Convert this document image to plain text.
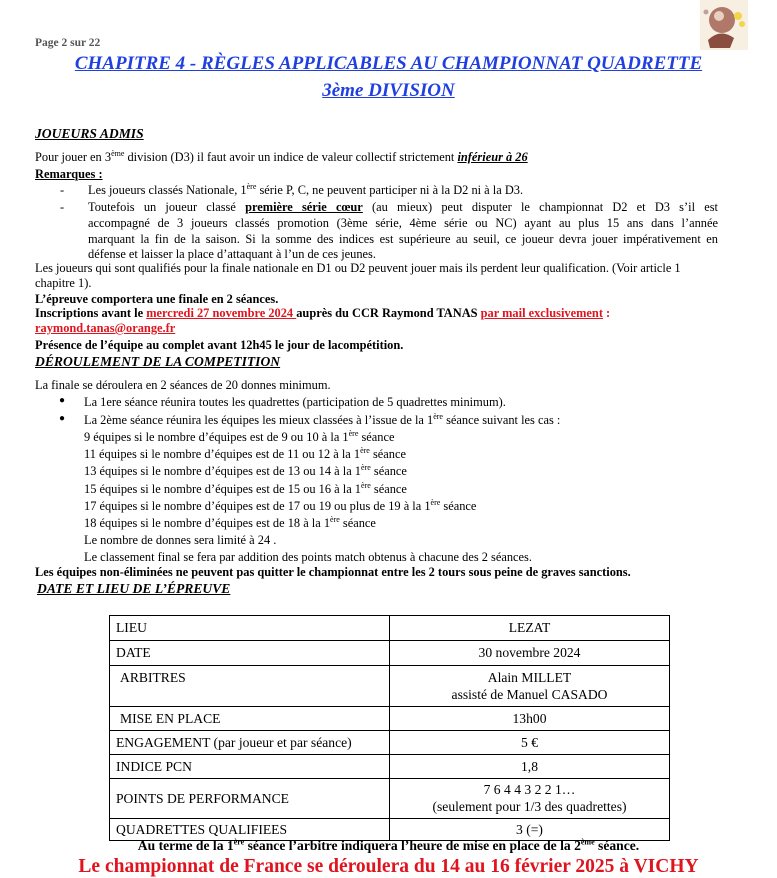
Page 2 sur 22
CHAPITRE 4 - RÈGLES APPLICABLES AU CHAMPIONNAT QUADRETTE
3ème DIVISION
JOUEURS ADMIS
Pour jouer en 3ème division (D3) il faut avoir un indice de valeur collectif strictement inférieur à 26
Remarques :
- Les joueurs classés Nationale, 1ère série P, C, ne peuvent participer ni à la D2 ni à la D3.
- Toutefois un joueur classé première série cœur (au mieux) peut disputer le championnat D2 et D3 s’il est
accompagné de 3 joueurs classés promotion (3ème série, 4ème série ou NC) ayant au plus 15 ans dans l’année
marquant la fin de la saison. Si la somme des indices est supérieure au seuil, ce joueur devra jouer impérativement en
défense et laisser la place d’attaquant à l’un de ces jeunes.
Les joueurs qui sont qualifiés pour la finale nationale en D1 ou D2 peuvent jouer mais ils perdent leur qualification. (Voir article 1
chapitre 1).
L’épreuve comportera une finale en 2 séances.
Inscriptions avant le mercredi 27 novembre 2024 auprès du CCR Raymond TANAS par mail exclusivement :
raymond.tanas@orange.fr
Présence de l’équipe au complet avant 12h45 le jour de lacompétition.
DÉROULEMENT DE LA COMPETITION
La finale se déroulera en 2 séances de 20 donnes minimum.
● La 1ere séance réunira toutes les quadrettes (participation de 5 quadrettes minimum).
● La 2ème séance réunira les équipes les mieux classées à l’issue de la 1ère séance suivant les cas :
9 équipes si le nombre d’équipes est de 9 ou 10 à la 1ère séance
11 équipes si le nombre d’équipes est de 11 ou 12 à la 1ère séance
13 équipes si le nombre d’équipes est de 13 ou 14 à la 1ère séance
15 équipes si le nombre d’équipes est de 15 ou 16 à la 1ère séance
17 équipes si le nombre d’équipes est de 17 ou 19 ou plus de 19 à la 1ère séance
18 équipes si le nombre d’équipes est de 18 à la 1ère séance
Le nombre de donnes sera limité à 24 .
Le classement final se fera par addition des points match obtenus à chacune des 2 séances.
Les équipes non-éliminées ne peuvent pas quitter le championnat entre les 2 tours sous peine de graves sanctions.
DATE ET LIEU DE L’ÉPREUVE
LIEU	LEZAT
DATE	30 novembre 2024
ARBITRES	Alain MILLET
assisté de Manuel CASADO

MISE EN PLACE	13h00
ENGAGEMENT (par joueur et par séance)	5 €
INDICE PCN	1,8
POINTS DE PERFORMANCE	7 6 4 4 3 2 2 1…
(seulement pour 1/3 des quadrettes)

QUADRETTES QUALIFIEES	3 (=)
Au terme de la 1ère séance l’arbitre indiquera l’heure de mise en place de la 2ème séance.
Le championnat de France se déroulera du 14 au 16 février 2025 à VICHY
